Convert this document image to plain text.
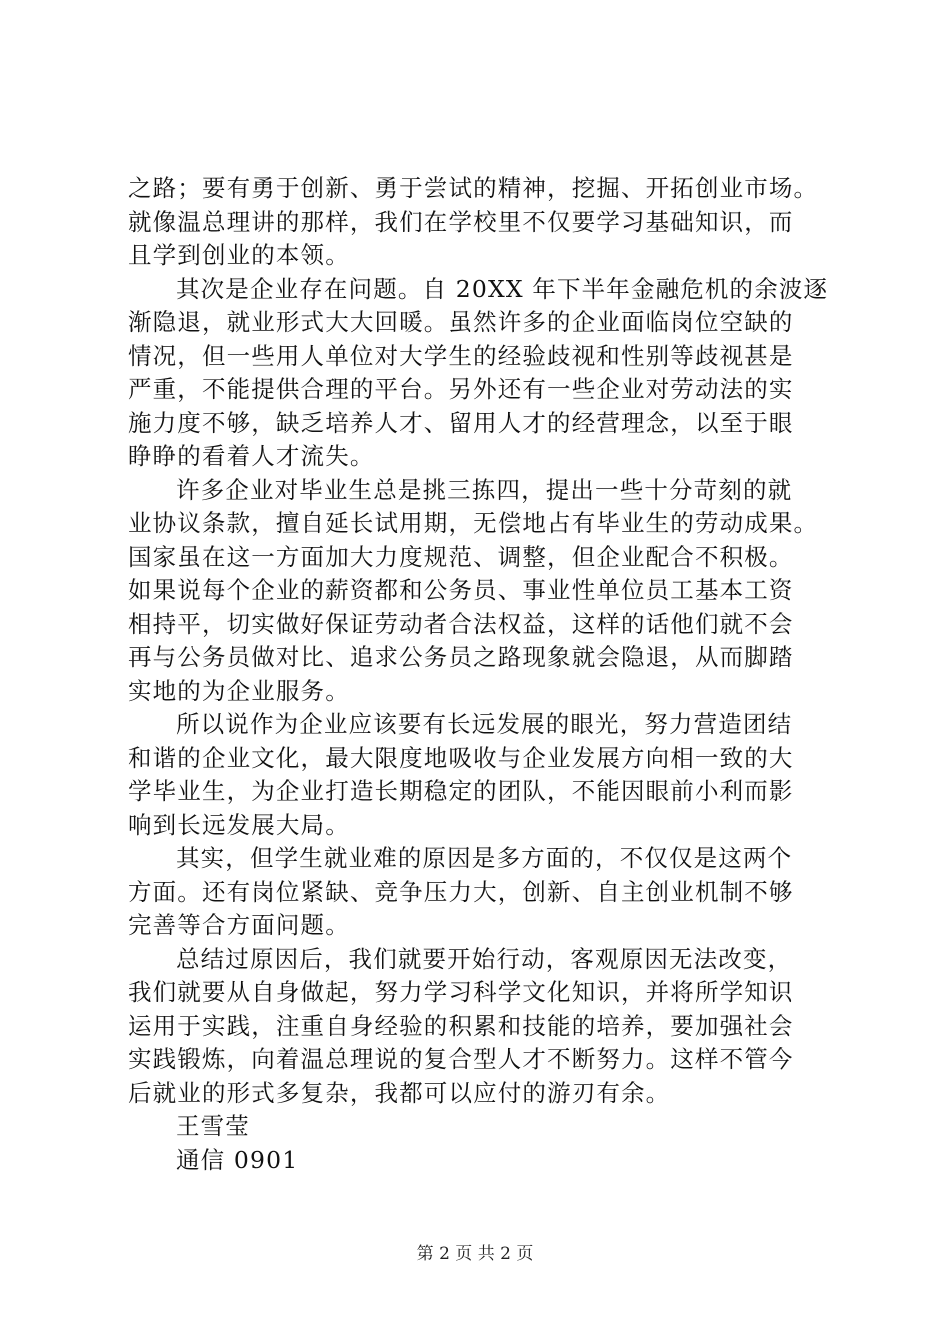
之路；要有勇于创新、勇于尝试的精神，挖掘、开拓创业市场。
就像温总理讲的那样，我们在学校里不仅要学习基础知识，而
且学到创业的本领。
其次是企业存在问题。自 20XX 年下半年金融危机的余波逐
渐隐退，就业形式大大回暖。虽然许多的企业面临岗位空缺的
情况，但一些用人单位对大学生的经验歧视和性别等歧视甚是
严重，不能提供合理的平台。另外还有一些企业对劳动法的实
施力度不够，缺乏培养人才、留用人才的经营理念，以至于眼
睁睁的看着人才流失。
许多企业对毕业生总是挑三拣四，提出一些十分苛刻的就
业协议条款，擅自延长试用期，无偿地占有毕业生的劳动成果。
国家虽在这一方面加大力度规范、调整，但企业配合不积极。
如果说每个企业的薪资都和公务员、事业性单位员工基本工资
相持平，切实做好保证劳动者合法权益，这样的话他们就不会
再与公务员做对比、追求公务员之路现象就会隐退，从而脚踏
实地的为企业服务。
所以说作为企业应该要有长远发展的眼光，努力营造团结
和谐的企业文化，最大限度地吸收与企业发展方向相一致的大
学毕业生，为企业打造长期稳定的团队，不能因眼前小利而影
响到长远发展大局。
其实，但学生就业难的原因是多方面的，不仅仅是这两个
方面。还有岗位紧缺、竞争压力大，创新、自主创业机制不够
完善等合方面问题。
总结过原因后，我们就要开始行动，客观原因无法改变，
我们就要从自身做起，努力学习科学文化知识，并将所学知识
运用于实践，注重自身经验的积累和技能的培养，要加强社会
实践锻炼，向着温总理说的复合型人才不断努力。这样不管今
后就业的形式多复杂，我都可以应付的游刃有余。
王雪莹
通信 0901
第 2 页 共 2 页
